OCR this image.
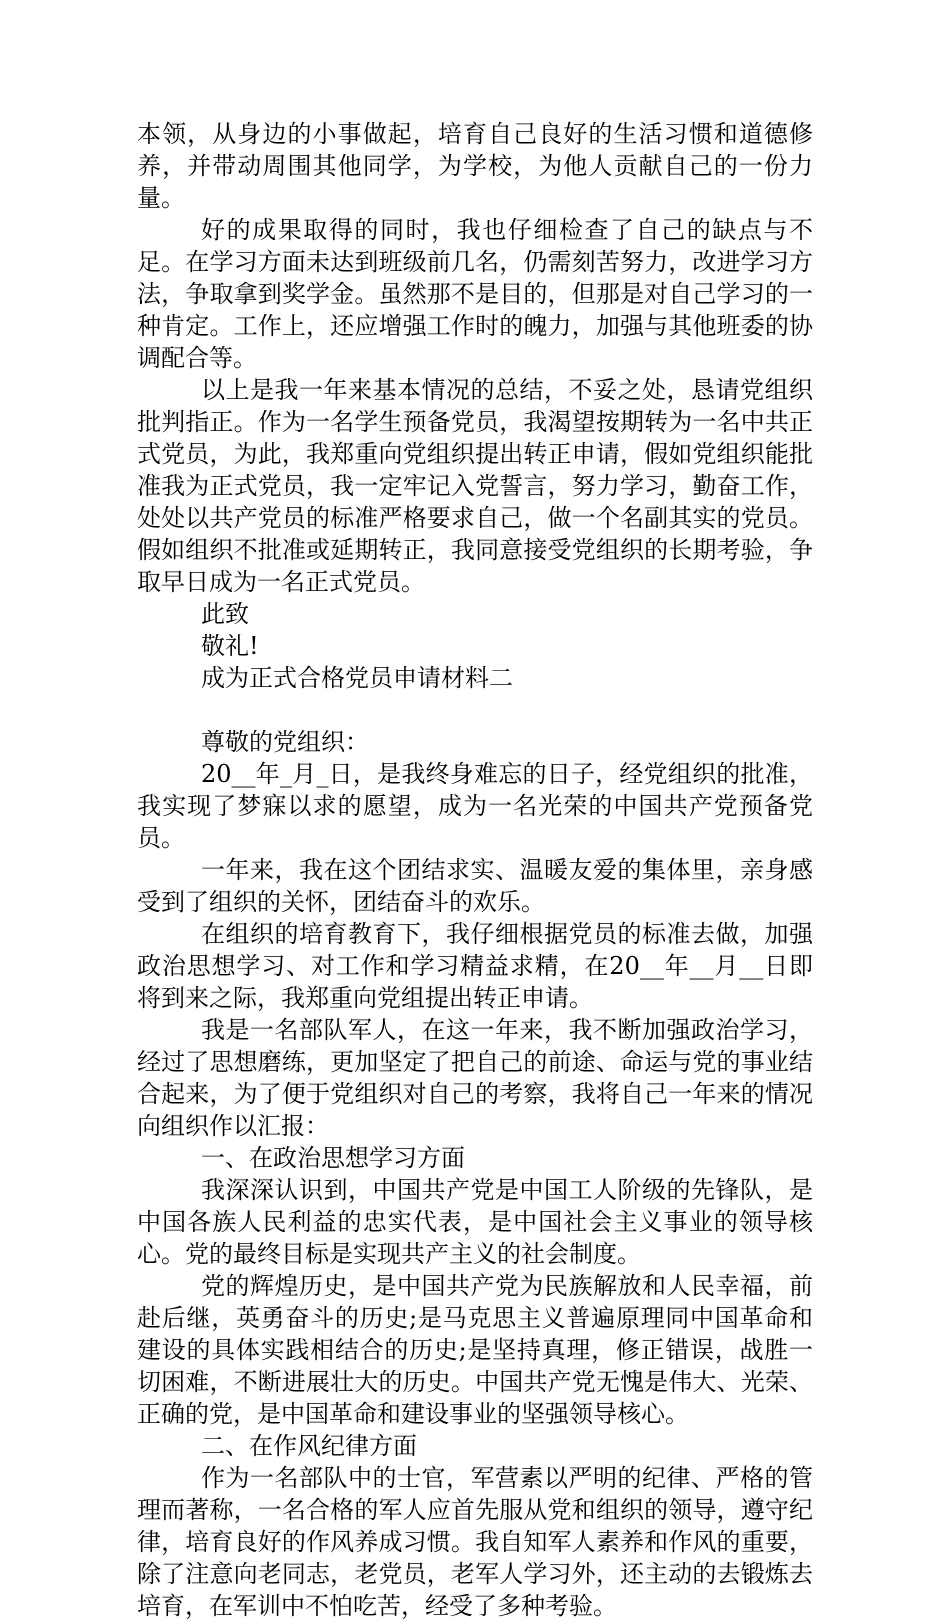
本领，从身边的小事做起，培育自己良好的生活习惯和道德修养，并带动周围其他同学，为学校，为他人贡献自己的一份力量。

好的成果取得的同时，我也仔细检查了自己的缺点与不足。在学习方面未达到班级前几名，仍需刻苦努力，改进学习方法，争取拿到奖学金。虽然那不是目的，但那是对自己学习的一种肯定。工作上，还应增强工作时的魄力，加强与其他班委的协调配合等。

以上是我一年来基本情况的总结，不妥之处，恳请党组织批判指正。作为一名学生预备党员，我渴望按期转为一名中共正式党员，为此，我郑重向党组织提出转正申请，假如党组织能批准我为正式党员，我一定牢记入党誓言，努力学习，勤奋工作，处处以共产党员的标准严格要求自己，做一个名副其实的党员。假如组织不批准或延期转正，我同意接受党组织的长期考验，争取早日成为一名正式党员。

此致

敬礼!

成为正式合格党员申请材料二

尊敬的党组织：

20__年_月_日，是我终身难忘的日子，经党组织的批准，我实现了梦寐以求的愿望，成为一名光荣的中国共产党预备党员。

一年来，我在这个团结求实、温暖友爱的集体里，亲身感受到了组织的关怀，团结奋斗的欢乐。

在组织的培育教育下，我仔细根据党员的标准去做，加强政治思想学习、对工作和学习精益求精，在20__年__月__日即将到来之际，我郑重向党组提出转正申请。

我是一名部队军人，在这一年来，我不断加强政治学习，经过了思想磨练，更加坚定了把自己的前途、命运与党的事业结合起来，为了便于党组织对自己的考察，我将自己一年来的情况向组织作以汇报：

一、在政治思想学习方面

我深深认识到，中国共产党是中国工人阶级的先锋队，是中国各族人民利益的忠实代表，是中国社会主义事业的领导核心。党的最终目标是实现共产主义的社会制度。

党的辉煌历史，是中国共产党为民族解放和人民幸福，前赴后继，英勇奋斗的历史;是马克思主义普遍原理同中国革命和建设的具体实践相结合的历史;是坚持真理，修正错误，战胜一切困难，不断进展壮大的历史。中国共产党无愧是伟大、光荣、正确的党，是中国革命和建设事业的坚强领导核心。

二、在作风纪律方面

作为一名部队中的士官，军营素以严明的纪律、严格的管理而著称，一名合格的军人应首先服从党和组织的领导，遵守纪律，培育良好的作风养成习惯。我自知军人素养和作风的重要，除了注意向老同志，老党员，老军人学习外，还主动的去锻炼去培育，在军训中不怕吃苦，经受了多种考验。
